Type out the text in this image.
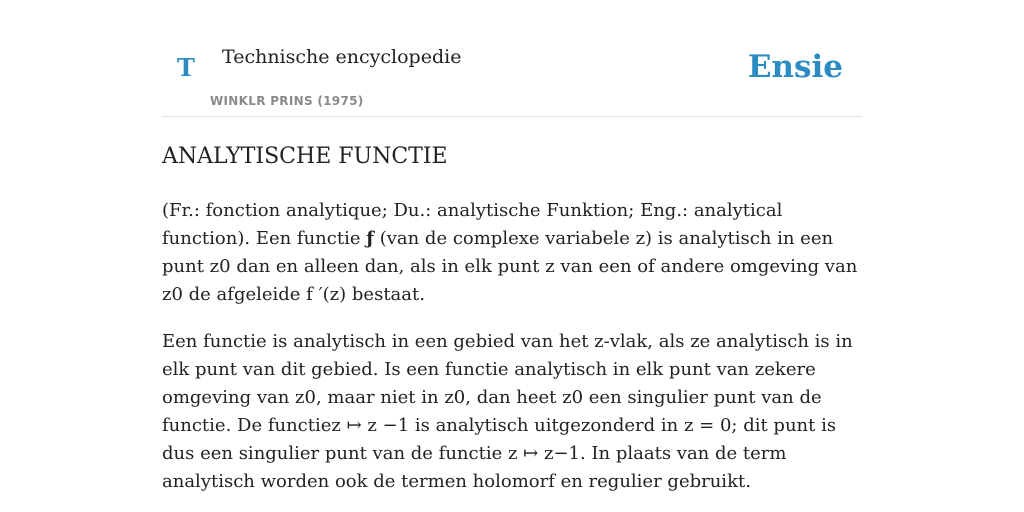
T Technische encyclopedie
WINKLR PRINS (1975)
Ensie
ANALYTISCHE FUNCTIE

(Fr.: fonction analytique; Du.: analytische Funktion; Eng.: analytical function). Een functie ƒ (van de complexe variabele z) is analytisch in een punt z0 dan en alleen dan, als in elk punt z van een of andere omgeving van z0 de afgeleide f ′(z) bestaat.

Een functie is analytisch in een gebied van het z-vlak, als ze analytisch is in elk punt van dit gebied. Is een functie analytisch in elk punt van zekere omgeving van z0, maar niet in z0, dan heet z0 een singulier punt van de functie. De functiez ↦ z −1 is analytisch uitgezonderd in z = 0; dit punt is dus een singulier punt van de functie z ↦ z−1. In plaats van de term analytisch worden ook de termen holomorf en regulier gebruikt.
